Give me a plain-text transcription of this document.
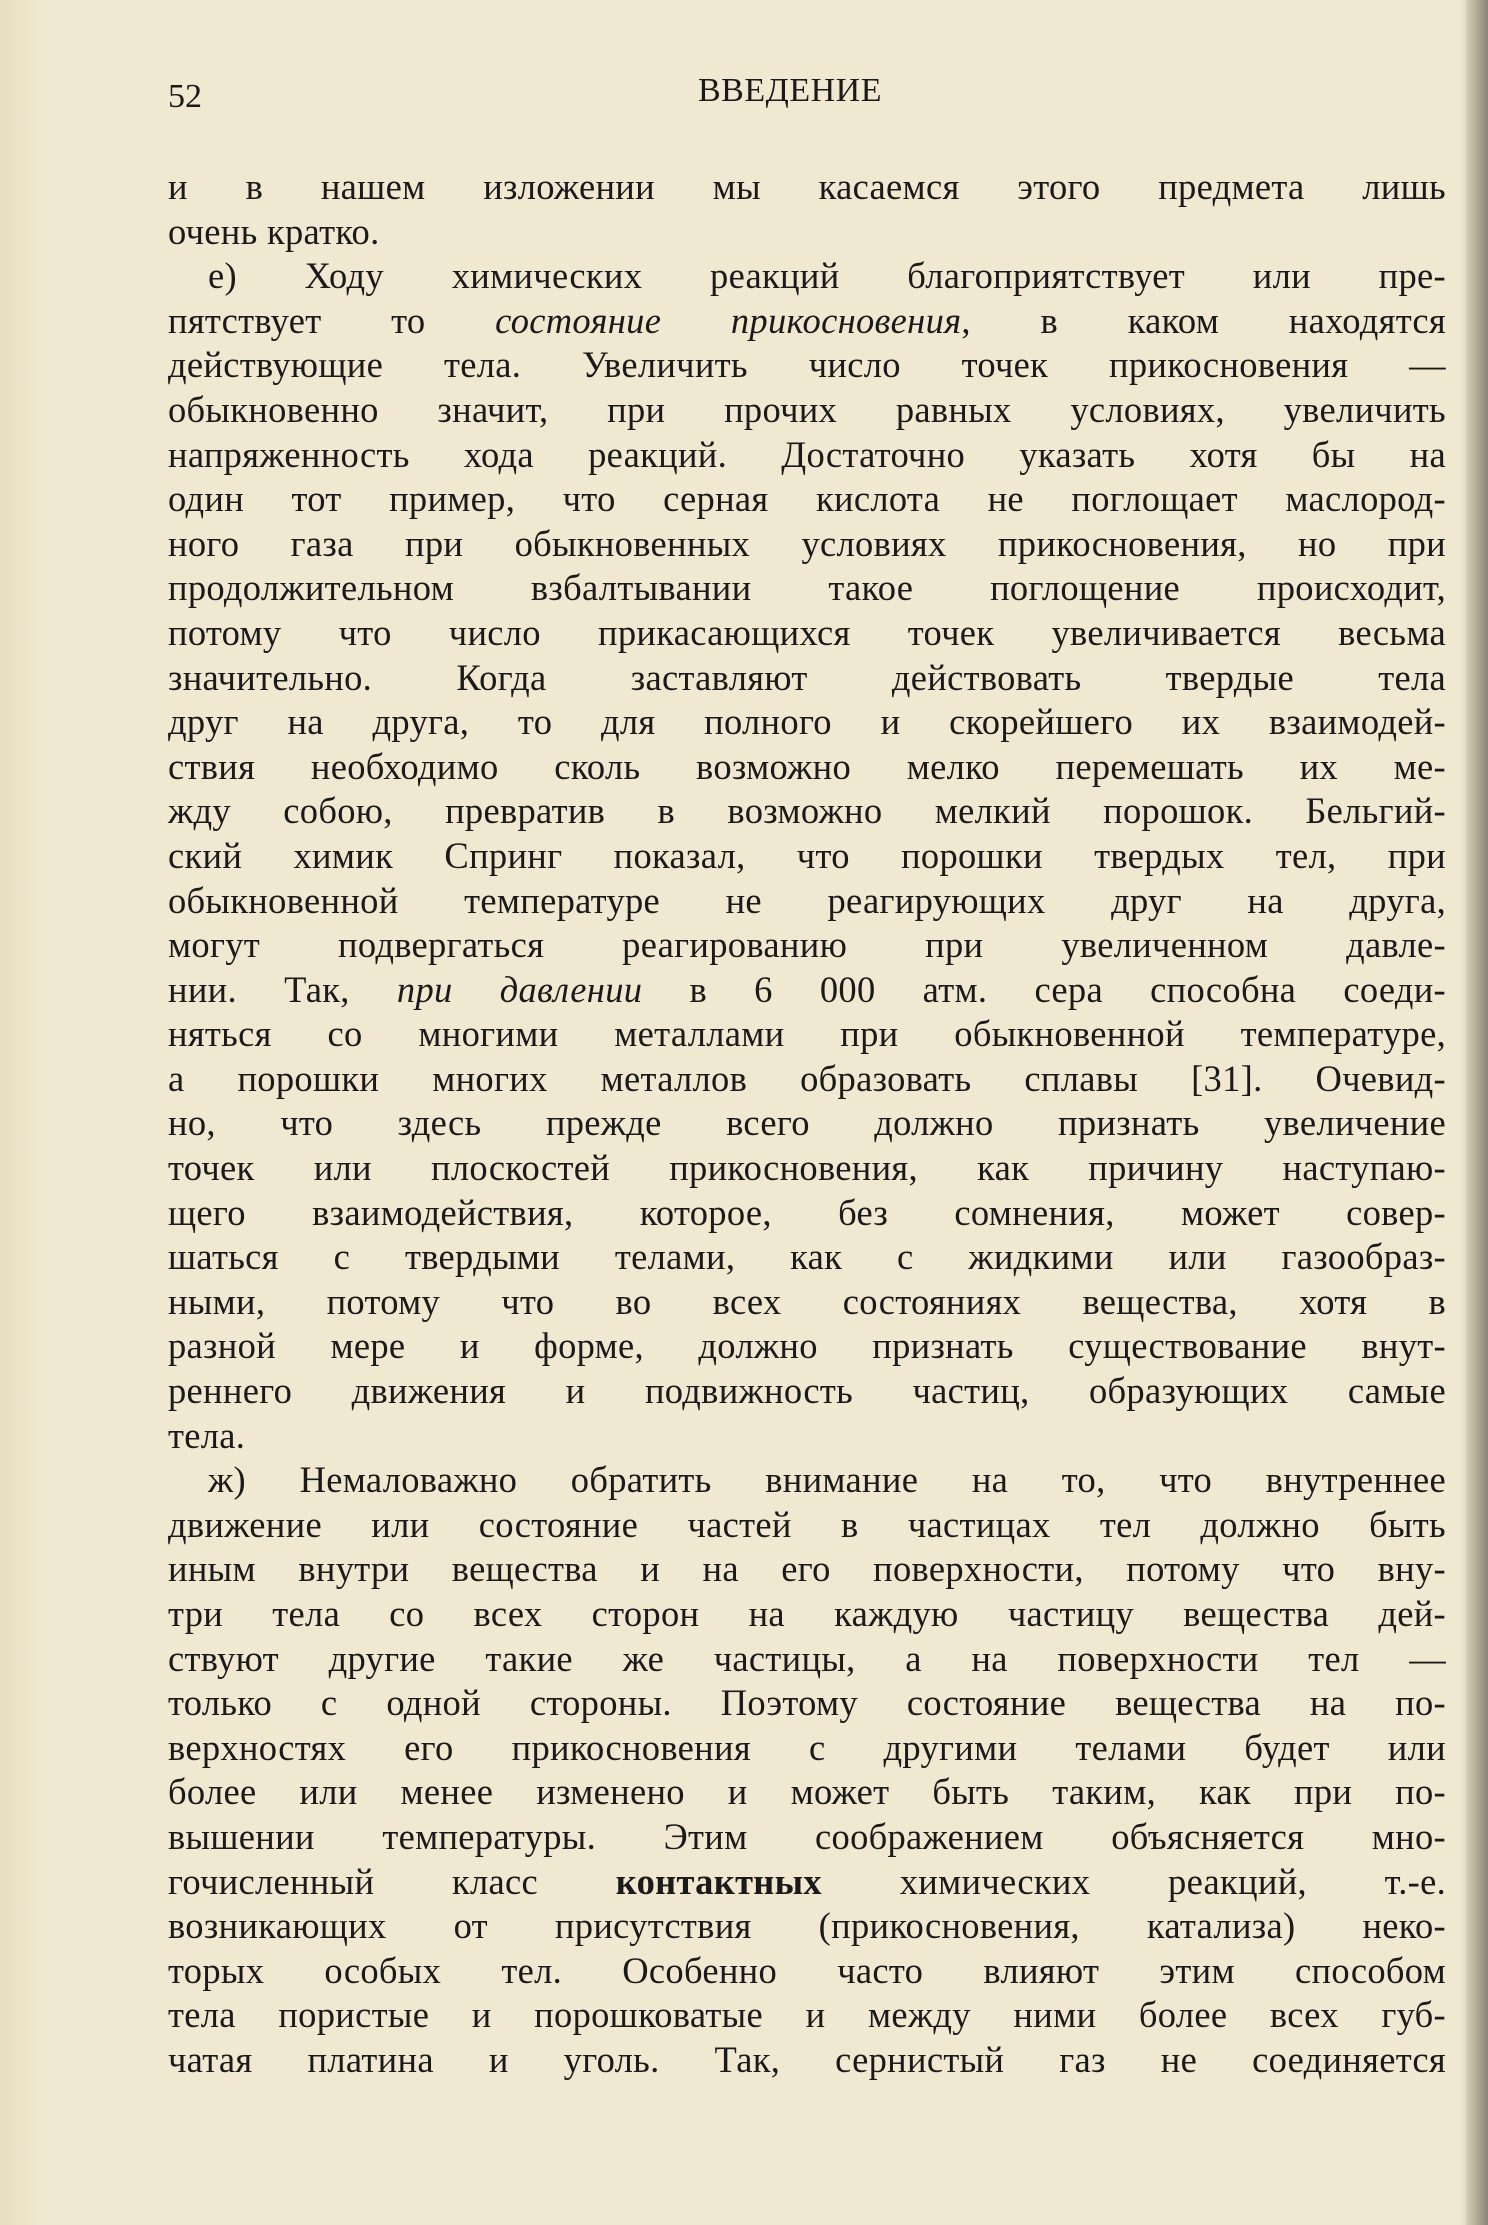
52	ВВЕДЕНИЕ
и в нашем изложении мы касаемся этого предмета лишь
очень кратко.
е) Ходу химических реакций благоприятствует или пре-
пятствует то состояние прикосновения, в каком находятся
действующие тела. Увеличить число точек прикосновения —
обыкновенно значит, при прочих равных условиях, увеличить
напряженность хода реакций. Достаточно указать хотя бы на
один тот пример, что серная кислота не поглощает маслород-
ного газа при обыкновенных условиях прикосновения, но при
продолжительном взбалтывании такое поглощение происходит,
потому что число прикасающихся точек увеличивается весьма
значительно. Когда заставляют действовать твердые тела
друг на друга, то для полного и скорейшего их взаимодей-
ствия необходимо сколь возможно мелко перемешать их ме-
жду собою, превратив в возможно мелкий порошок. Бельгий-
ский химик Спринг показал, что порошки твердых тел, при
обыкновенной температуре не реагирующих друг на друга,
могут подвергаться реагированию при увеличенном давле-
нии. Так, при давлении в 6 000 атм. сера способна соеди-
няться со многими металлами при обыкновенной температуре,
а порошки многих металлов образовать сплавы [31]. Очевид-
но, что здесь прежде всего должно признать увеличение
точек или плоскостей прикосновения, как причину наступаю-
щего взаимодействия, которое, без сомнения, может совер-
шаться с твердыми телами, как с жидкими или газообраз-
ными, потому что во всех состояниях вещества, хотя в
разной мере и форме, должно признать существование внут-
реннего движения и подвижность частиц, образующих самые
тела.
ж) Немаловажно обратить внимание на то, что внутреннее
движение или состояние частей в частицах тел должно быть
иным внутри вещества и на его поверхности, потому что вну-
три тела со всех сторон на каждую частицу вещества дей-
ствуют другие такие же частицы, а на поверхности тел —
только с одной стороны. Поэтому состояние вещества на по-
верхностях его прикосновения с другими телами будет или
более или менее изменено и может быть таким, как при по-
вышении температуры. Этим соображением объясняется мно-
гочисленный класс контактных химических реакций, т.-е.
возникающих от присутствия (прикосновения, катализа) неко-
торых особых тел. Особенно часто влияют этим способом
тела пористые и порошковатые и между ними более всех губ-
чатая платина и уголь. Так, сернистый газ не соединяется
